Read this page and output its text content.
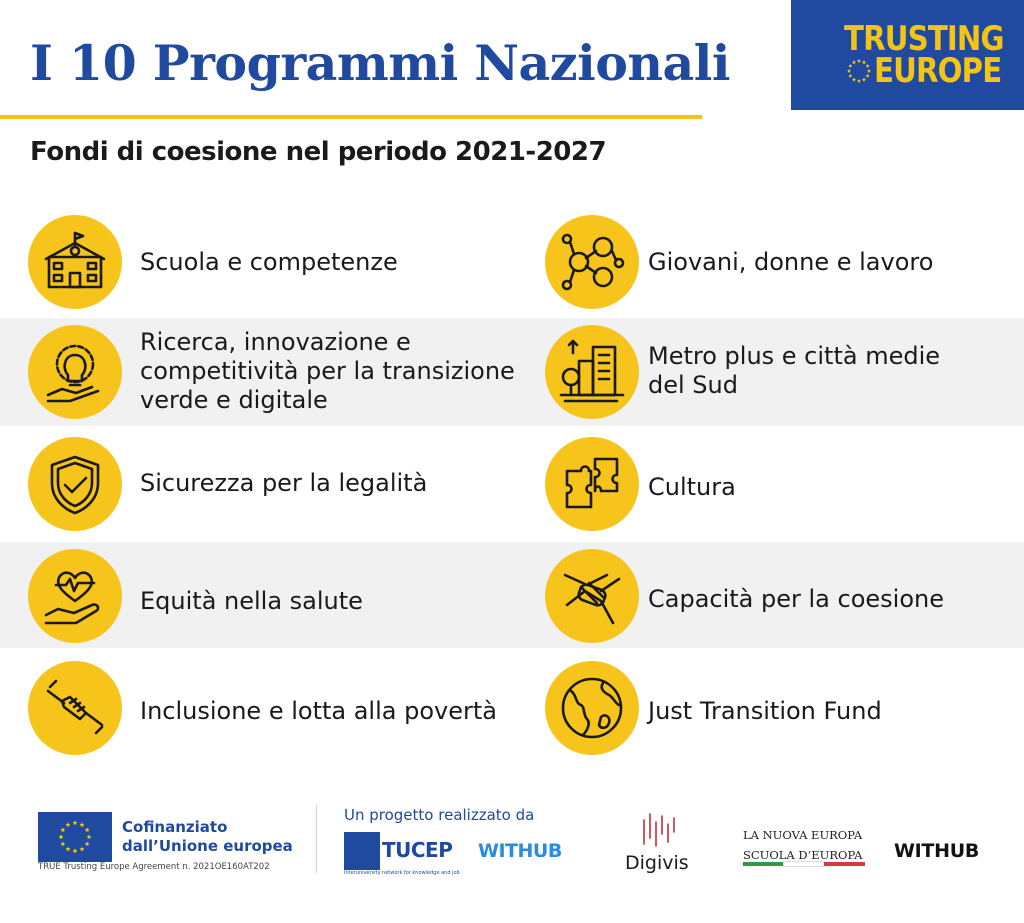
I 10 Programmi Nazionali	TRUSTING
EUROPE
Fondi di coesione nel periodo 2021-2027
Scuola e competenze
Ricerca, innovazione e
competitività per la transizione
verde e digitale
Sicurezza per la legalità
Equità nella salute
Inclusione e lotta alla povertà
Giovani, donne e lavoro
Metro plus e città medie
del Sud
Cultura
Capacità per la coesione
Just Transition Fund
Cofinanziato
dall’Unione europea
TRUE Trusting Europe Agreement n. 2021OE160AT202
Un progetto realizzato da
TUCEP
Interuniversity network for knowledge and job
WITHUB
Digivis
LA NUOVA EUROPA
SCUOLA D’EUROPA WITHUB
